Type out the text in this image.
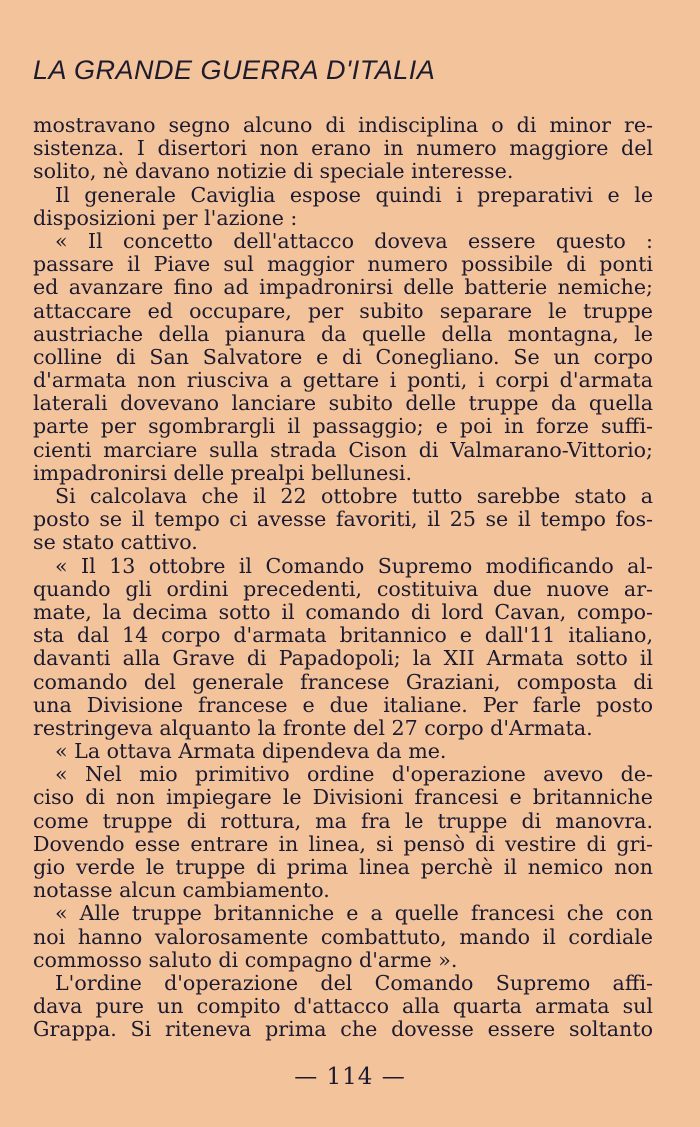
LA GRANDE GUERRA D'ITALIA
mostravano segno alcuno di indisciplina o di minor re-
sistenza. I disertori non erano in numero maggiore del
solito, nè davano notizie di speciale interesse.
Il generale Caviglia espose quindi i preparativi e le
disposizioni per l'azione :
« Il concetto dell'attacco doveva essere questo :
passare il Piave sul maggior numero possibile di ponti
ed avanzare fino ad impadronirsi delle batterie nemiche;
attaccare ed occupare, per subito separare le truppe
austriache della pianura da quelle della montagna, le
colline di San Salvatore e di Conegliano. Se un corpo
d'armata non riusciva a gettare i ponti, i corpi d'armata
laterali dovevano lanciare subito delle truppe da quella
parte per sgombrargli il passaggio; e poi in forze suffi-
cienti marciare sulla strada Cison di Valmarano-Vittorio;
impadronirsi delle prealpi bellunesi.
Si calcolava che il 22 ottobre tutto sarebbe stato a
posto se il tempo ci avesse favoriti, il 25 se il tempo fos-
se stato cattivo.
« Il 13 ottobre il Comando Supremo modificando al-
quando gli ordini precedenti, costituiva due nuove ar-
mate, la decima sotto il comando di lord Cavan, compo-
sta dal 14 corpo d'armata britannico e dall'11 italiano,
davanti alla Grave di Papadopoli; la XII Armata sotto il
comando del generale francese Graziani, composta di
una Divisione francese e due italiane. Per farle posto
restringeva alquanto la fronte del 27 corpo d'Armata.
« La ottava Armata dipendeva da me.
« Nel mio primitivo ordine d'operazione avevo de-
ciso di non impiegare le Divisioni francesi e britanniche
come truppe di rottura, ma fra le truppe di manovra.
Dovendo esse entrare in linea, si pensò di vestire di gri-
gio verde le truppe di prima linea perchè il nemico non
notasse alcun cambiamento.
« Alle truppe britanniche e a quelle francesi che con
noi hanno valorosamente combattuto, mando il cordiale
commosso saluto di compagno d'arme ».
L'ordine d'operazione del Comando Supremo affi-
dava pure un compito d'attacco alla quarta armata sul
Grappa. Si riteneva prima che dovesse essere soltanto
— 114 —
